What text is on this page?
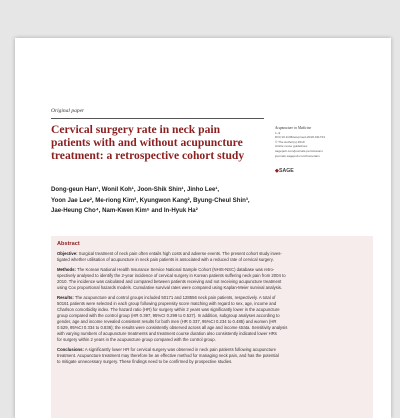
Original paper
Cervical surgery rate in neck pain
patients with and without acupuncture
treatment: a retrospective cohort study
Acupuncture in Medicine
1–9
DOI:10.1136/acupmed-2018-011724
© The Author(s) 2019
Article reuse guidelines:
sagepub.com/journals-permissions
journals.sagepub.com/home/aim
◆SAGE
Dong-geun Han¹, Wonil Koh¹, Joon-Shik Shin¹, Jinho Lee¹,
Yoon Jae Lee², Me-riong Kim², Kyungwon Kang², Byung-Cheul Shin³,
Jae-Heung Cho⁴, Nam-Kwen Kim⁵ and In-Hyuk Ha²
Abstract

Objective: Surgical treatment of neck pain often entails high costs and adverse events. The present cohort study inves-
tigated whether utilisation of acupuncture in neck pain patients is associated with a reduced rate of cervical surgery.

Methods: The Korean National Health Insurance Service National Sample Cohort (NHIS-NSC) database was retro-
spectively analysed to identify the 2-year incidence of cervical surgery in Korean patients suffering neck pain from 2004 to
2010. The incidence was calculated and compared between patients receiving and not receiving acupuncture treatment
using Cox proportional hazards models. Cumulative survival rates were compared using Kaplan-Meier survival analysis.

Results: The acupuncture and control groups included 50171 and 128556 neck pain patients, respectively. A total of
50161 patients were selected in each group following propensity score matching with regard to sex, age, income and
Charlson comorbidity index. The hazard ratio (HR) for surgery within 2 years was significantly lower in the acupuncture
group compared with the control group (HR 0.397, 95%CI 0.299 to 0.527). In addition, subgroup analyses according to
gender, age and income revealed consistent results for both men (HR 0.337, 95%CI 0.234 to 0.485) and women (HR
0.529, 95%CI 0.334 to 0.836); the results were consistently observed across all age and income strata. Sensitivity analysis
with varying numbers of acupuncture treatments and treatment course duration also consistently indicated lower HRs
for surgery within 2 years in the acupuncture group compared with the control group.

Conclusions: A significantly lower HR for cervical surgery was observed in neck pain patients following acupuncture
treatment. Acupuncture treatment may therefore be an effective method for managing neck pain, and has the potential
to mitigate unnecessary surgery. These findings need to be confirmed by prospective studies.
